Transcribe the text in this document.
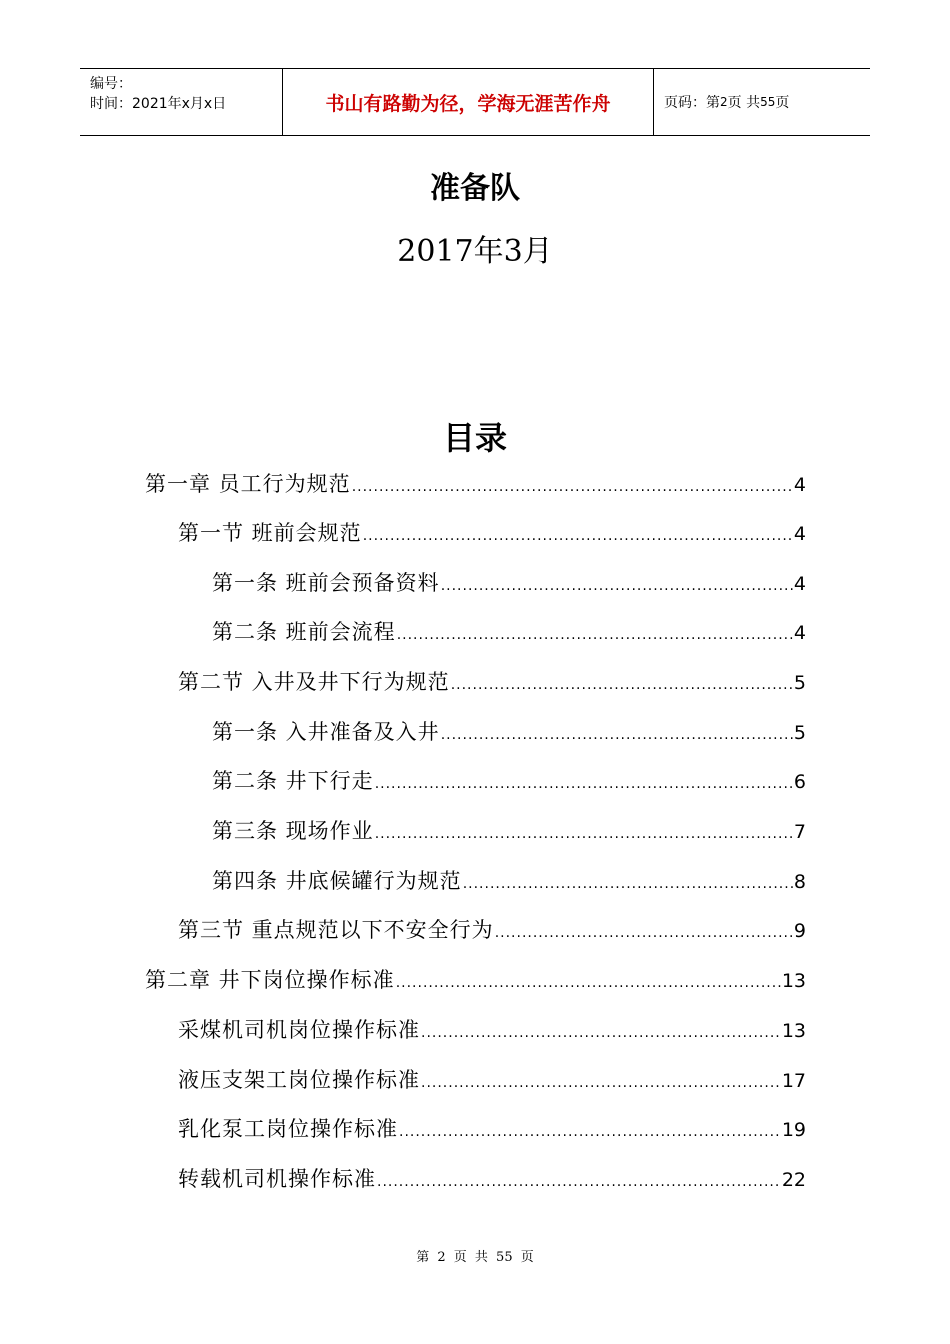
编号：
时间：2021年x月x日	书山有路勤为径，学海无涯苦作舟	页码：第 2 页 共 55 页
准备队
2017年3月
目录
第一章 员工行为规范 .....	4
第一节 班前会规范 .....	4
第一条 班前会预备资料 .....	4
第二条 班前会流程 .....	4
第二节 入井及井下行为规范 .....	5
第一条 入井准备及入井 .....	5
第二条 井下行走 .....	6
第三条 现场作业 .....	7
第四条 井底候罐行为规范 .....	8
第三节 重点规范以下不安全行为 .....	9
第二章 井下岗位操作标准 .....	13
采煤机司机岗位操作标准 .....	13
液压支架工岗位操作标准 .....	17
乳化泵工岗位操作标准 .....	19
转载机司机操作标准 .....	22
第 2 页 共 55 页
